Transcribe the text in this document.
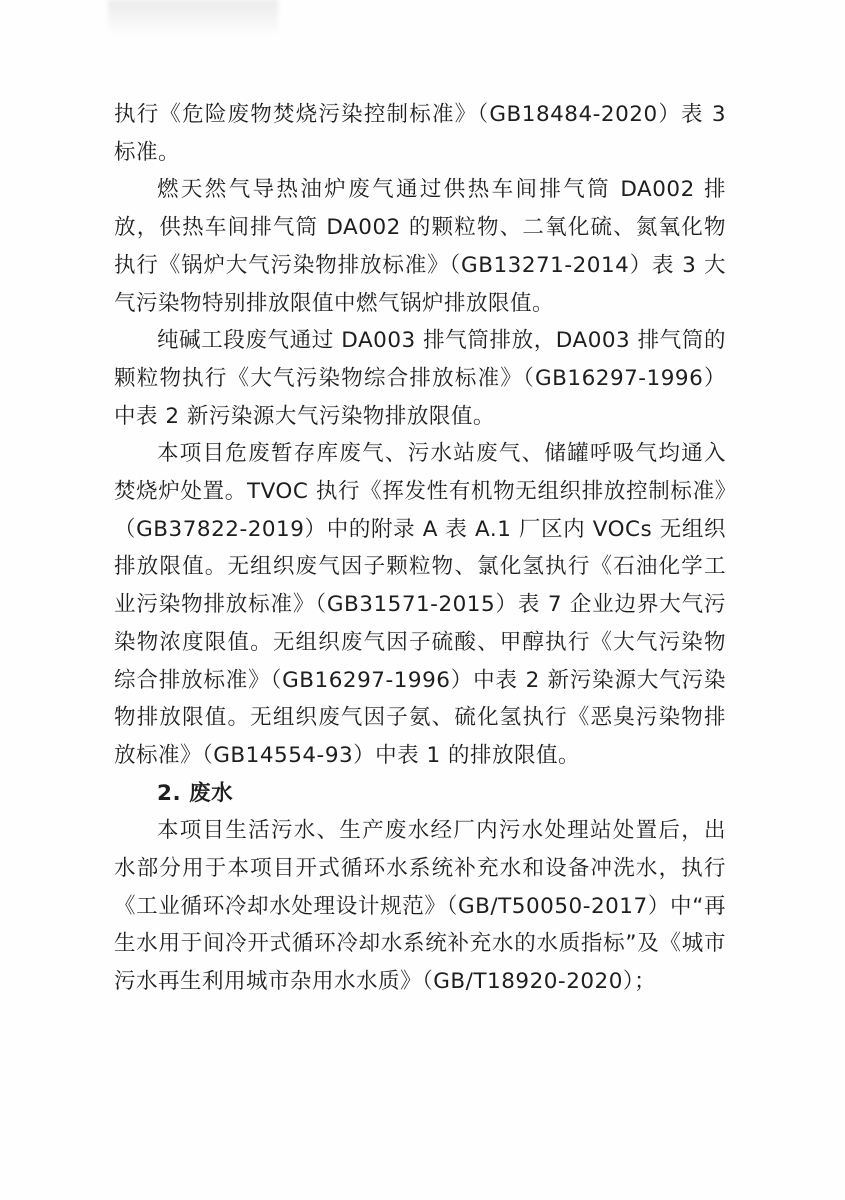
执行《危险废物焚烧污染控制标准》（GB18484-2020）表 3 标准。

燃天然气导热油炉废气通过供热车间排气筒 DA002 排放，供热车间排气筒 DA002 的颗粒物、二氧化硫、氮氧化物执行《锅炉大气污染物排放标准》（GB13271-2014）表 3 大气污染物特别排放限值中燃气锅炉排放限值。

纯碱工段废气通过 DA003 排气筒排放，DA003 排气筒的颗粒物执行《大气污染物综合排放标准》（GB16297-1996）中表 2 新污染源大气污染物排放限值。

本项目危废暂存库废气、污水站废气、储罐呼吸气均通入焚烧炉处置。TVOC 执行《挥发性有机物无组织排放控制标准》（GB37822-2019）中的附录 A 表 A.1 厂区内 VOCs 无组织排放限值。无组织废气因子颗粒物、氯化氢执行《石油化学工业污染物排放标准》（GB31571-2015）表 7 企业边界大气污染物浓度限值。无组织废气因子硫酸、甲醇执行《大气污染物综合排放标准》（GB16297-1996）中表 2 新污染源大气污染物排放限值。无组织废气因子氨、硫化氢执行《恶臭污染物排放标准》（GB14554-93）中表 1 的排放限值。

2. 废水

本项目生活污水、生产废水经厂内污水处理站处置后，出水部分用于本项目开式循环水系统补充水和设备冲洗水，执行《工业循环冷却水处理设计规范》（GB/T50050-2017）中“再生水用于间冷开式循环冷却水系统补充水的水质指标”及《城市污水再生利用城市杂用水水质》（GB/T18920-2020）；
